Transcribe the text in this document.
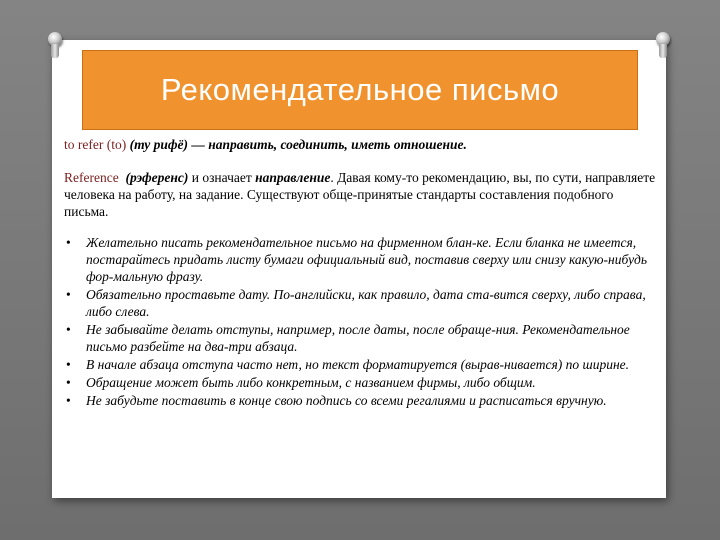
Рекомендательное письмо

to refer (to) (ту рифё) — направить, соединить, иметь отношение.

Reference (рэференс) и означает направление. Давая кому-то рекомендацию, вы, по сути, направляете человека на работу, на задание. Существуют обще-принятые стандарты составления подобного письма.

• Желательно писать рекомендательное письмо на фирменном блан-ке. Если бланка не имеется, постарайтесь придать листу бумаги официальный вид, поставив сверху или снизу какую-нибудь фор-мальную фразу.
• Обязательно проставьте дату. По-английски, как правило, дата ста-вится сверху, либо справа, либо слева.
• Не забывайте делать отступы, например, после даты, после обраще-ния. Рекомендательное письмо разбейте на два-три абзаца.
• В начале абзаца отступа часто нет, но текст форматируется (вырав-нивается) по ширине.
• Обращение может быть либо конкретным, с названием фирмы, либо общим.
• Не забудьте поставить в конце свою подпись со всеми регалиями и расписаться вручную.
